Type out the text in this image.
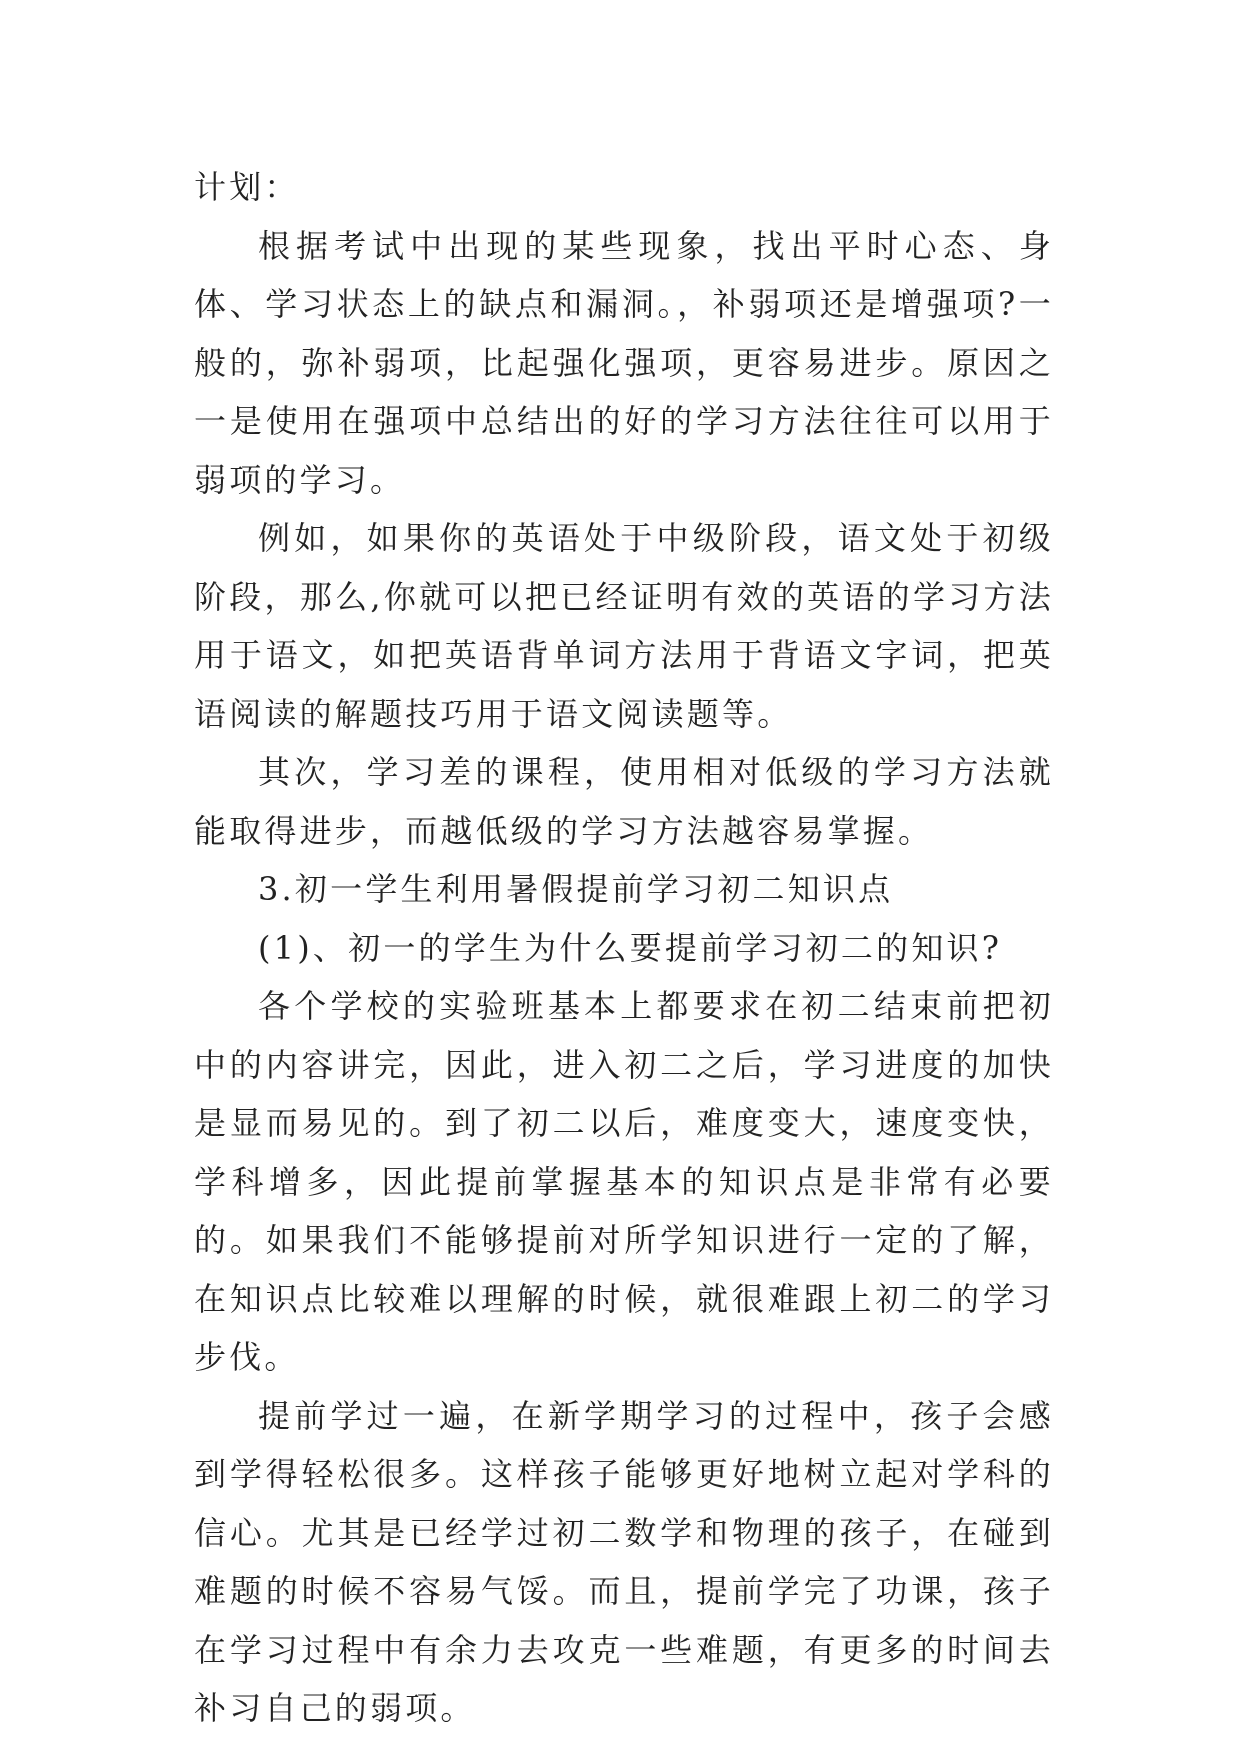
计划：

根据考试中出现的某些现象，找出平时心态、身体、学习状态上的缺点和漏洞。，补弱项还是增强项?一般的，弥补弱项，比起强化强项，更容易进步。原因之一是使用在强项中总结出的好的学习方法往往可以用于弱项的学习。

例如，如果你的英语处于中级阶段，语文处于初级阶段，那么,你就可以把已经证明有效的英语的学习方法用于语文，如把英语背单词方法用于背语文字词，把英语阅读的解题技巧用于语文阅读题等。

其次，学习差的课程，使用相对低级的学习方法就能取得进步，而越低级的学习方法越容易掌握。

3.初一学生利用暑假提前学习初二知识点

(1)、初一的学生为什么要提前学习初二的知识?

各个学校的实验班基本上都要求在初二结束前把初中的内容讲完，因此，进入初二之后，学习进度的加快是显而易见的。到了初二以后，难度变大，速度变快，学科增多，因此提前掌握基本的知识点是非常有必要的。如果我们不能够提前对所学知识进行一定的了解，在知识点比较难以理解的时候，就很难跟上初二的学习步伐。

提前学过一遍，在新学期学习的过程中，孩子会感到学得轻松很多。这样孩子能够更好地树立起对学科的信心。尤其是已经学过初二数学和物理的孩子，在碰到难题的时候不容易气馁。而且，提前学完了功课，孩子在学习过程中有余力去攻克一些难题，有更多的时间去补习自己的弱项。
